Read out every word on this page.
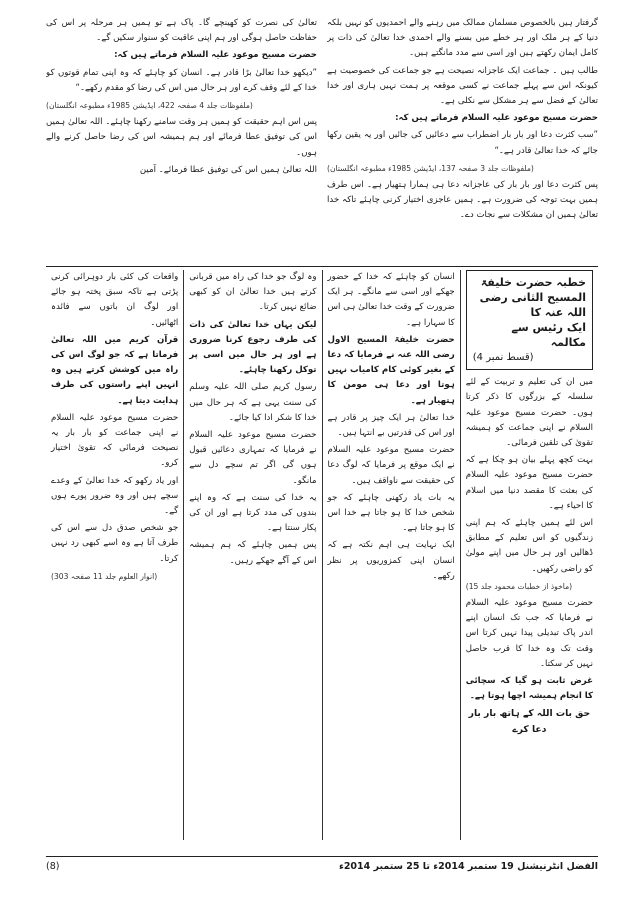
گرفتار ہیں بالخصوص مسلمان ممالک میں رہنے والے احمدیوں کو نہیں بلکہ دنیا کے ہر ملک اور ہر خطے میں بسنے والے احمدی خدا تعالیٰ کی ذات پر کامل ایمان رکھتے ہیں اور اسی سے مدد مانگتے ہیں۔

طالب ہیں ۔ جماعت ایک عاجزانہ نصیحت ہے جو جماعت کی خصوصیت ہے کیونکہ اس سے پہلے جماعت نے کسی موقعہ پر ہمت نہیں ہاری اور خدا تعالیٰ کے فضل سے ہر مشکل سے نکلی ہے۔

حضرت مسیح موعود علیہ السلام فرماتے ہیں کہ:

”سب کثرت دعا اور بار بار اضطراب سے دعائیں کی جائیں اور یہ یقین رکھا جائے کہ خدا تعالیٰ قادر ہے۔“

(ملفوظات جلد 3 صفحہ 137، ایڈیشن 1985ء مطبوعہ انگلستان)

پس کثرت دعا اور بار بار کی عاجزانہ دعا ہی ہمارا ہتھیار ہے۔ اس طرف ہمیں بہت توجہ کی ضرورت ہے۔ ہمیں عاجزی اختیار کرنی چاہئے تاکہ خدا تعالیٰ ہمیں ان مشکلات سے نجات دے۔

تعالیٰ کی نصرت کو کھینچے گا۔ پاک ہے تو ہمیں ہر مرحلہ پر اس کی حفاظت حاصل ہوگی اور ہم اپنی عاقبت کو سنوار سکیں گے۔

حضرت مسیح موعود علیہ السلام فرماتے ہیں کہ:

”دیکھو خدا تعالیٰ بڑا قادر ہے۔ انسان کو چاہئے کہ وہ اپنی تمام قوتوں کو خدا کے لئے وقف کرے اور ہر حال میں اس کی رضا کو مقدم رکھے۔“

(ملفوظات جلد 4 صفحہ 422، ایڈیشن 1985ء مطبوعہ انگلستان)

پس اس اہم حقیقت کو ہمیں ہر وقت سامنے رکھنا چاہئے۔ اللہ تعالیٰ ہمیں اس کی توفیق عطا فرمائے اور ہم ہمیشہ اس کی رضا حاصل کرنے والے ہوں۔

اللہ تعالیٰ ہمیں اس کی توفیق عطا فرمائے۔ آمین

خطبہ حضرت خلیفۃ المسیح الثانی رضی اللہ عنہ کا
ایک رئیس سے مکالمہ
(قسط نمبر 4)

میں ان کی تعلیم و تربیت کے لئے سلسلہ کے بزرگوں کا ذکر کرتا ہوں۔ حضرت مسیح موعود علیہ السلام نے اپنی جماعت کو ہمیشہ تقویٰ کی تلقین فرمائی۔

بہت کچھ پہلے بیان ہو چکا ہے کہ حضرت مسیح موعود علیہ السلام کی بعثت کا مقصد دنیا میں اسلام کا احیاء ہے۔

اس لئے ہمیں چاہئے کہ ہم اپنی زندگیوں کو اس تعلیم کے مطابق ڈھالیں اور ہر حال میں اپنے مولیٰ کو راضی رکھیں۔

(ماخوذ از خطبات محمود جلد 15)

حضرت مسیح موعود علیہ السلام نے فرمایا کہ جب تک انسان اپنے اندر پاک تبدیلی پیدا نہیں کرتا اس وقت تک وہ خدا کا قرب حاصل نہیں کر سکتا۔

غرض ثابت ہو گیا کہ سچائی کا انجام ہمیشہ اچھا ہوتا ہے۔

حق بات اللہ کے ہاتھ بار بار دعا کرے

انسان کو چاہئے کہ خدا کے حضور جھکے اور اسی سے مانگے۔ ہر ایک ضرورت کے وقت خدا تعالیٰ ہی اس کا سہارا ہے۔

حضرت خلیفۃ المسیح الاول رضی اللہ عنہ نے فرمایا کہ دعا کے بغیر کوئی کام کامیاب نہیں ہوتا اور دعا ہی مومن کا ہتھیار ہے۔

خدا تعالیٰ ہر ایک چیز پر قادر ہے اور اس کی قدرتیں بے انتہا ہیں۔

حضرت مسیح موعود علیہ السلام نے ایک موقع پر فرمایا کہ لوگ دعا کی حقیقت سے ناواقف ہیں۔

یہ بات یاد رکھنی چاہئے کہ جو شخص خدا کا ہو جاتا ہے خدا اس کا ہو جاتا ہے۔

ایک نہایت ہی اہم نکتہ ہے کہ انسان اپنی کمزوریوں پر نظر رکھے۔

وہ لوگ جو خدا کی راہ میں قربانی کرتے ہیں خدا تعالیٰ ان کو کبھی ضائع نہیں کرتا۔

لیکن یہاں خدا تعالیٰ کی ذات کی طرف رجوع کرنا ضروری ہے اور ہر حال میں اسی پر توکل رکھنا چاہئے۔

رسول کریم صلی اللہ علیہ وسلم کی سنت یہی ہے کہ ہر حال میں خدا کا شکر ادا کیا جائے۔

حضرت مسیح موعود علیہ السلام نے فرمایا کہ تمہاری دعائیں قبول ہوں گی اگر تم سچے دل سے مانگو۔

یہ خدا کی سنت ہے کہ وہ اپنے بندوں کی مدد کرتا ہے اور ان کی پکار سنتا ہے۔

پس ہمیں چاہئے کہ ہم ہمیشہ اس کے آگے جھکے رہیں۔

واقعات کی کئی بار دوہرائی کرنی پڑتی ہے تاکہ سبق پختہ ہو جائے اور لوگ ان باتوں سے فائدہ اٹھائیں۔

قرآن کریم میں اللہ تعالیٰ فرماتا ہے کہ جو لوگ اس کی راہ میں کوشش کرتے ہیں وہ انہیں اپنے راستوں کی طرف ہدایت دیتا ہے۔

حضرت مسیح موعود علیہ السلام نے اپنی جماعت کو بار بار یہ نصیحت فرمائی کہ تقویٰ اختیار کرو۔

اور یاد رکھو کہ خدا تعالیٰ کے وعدے سچے ہیں اور وہ ضرور پورے ہوں گے۔

جو شخص صدق دل سے اس کی طرف آتا ہے وہ اسے کبھی رد نہیں کرتا۔

(انوار العلوم جلد 11 صفحہ 303)

(8)	الفضل انٹرنیشنل 19 ستمبر 2014ء تا 25 ستمبر 2014ء
